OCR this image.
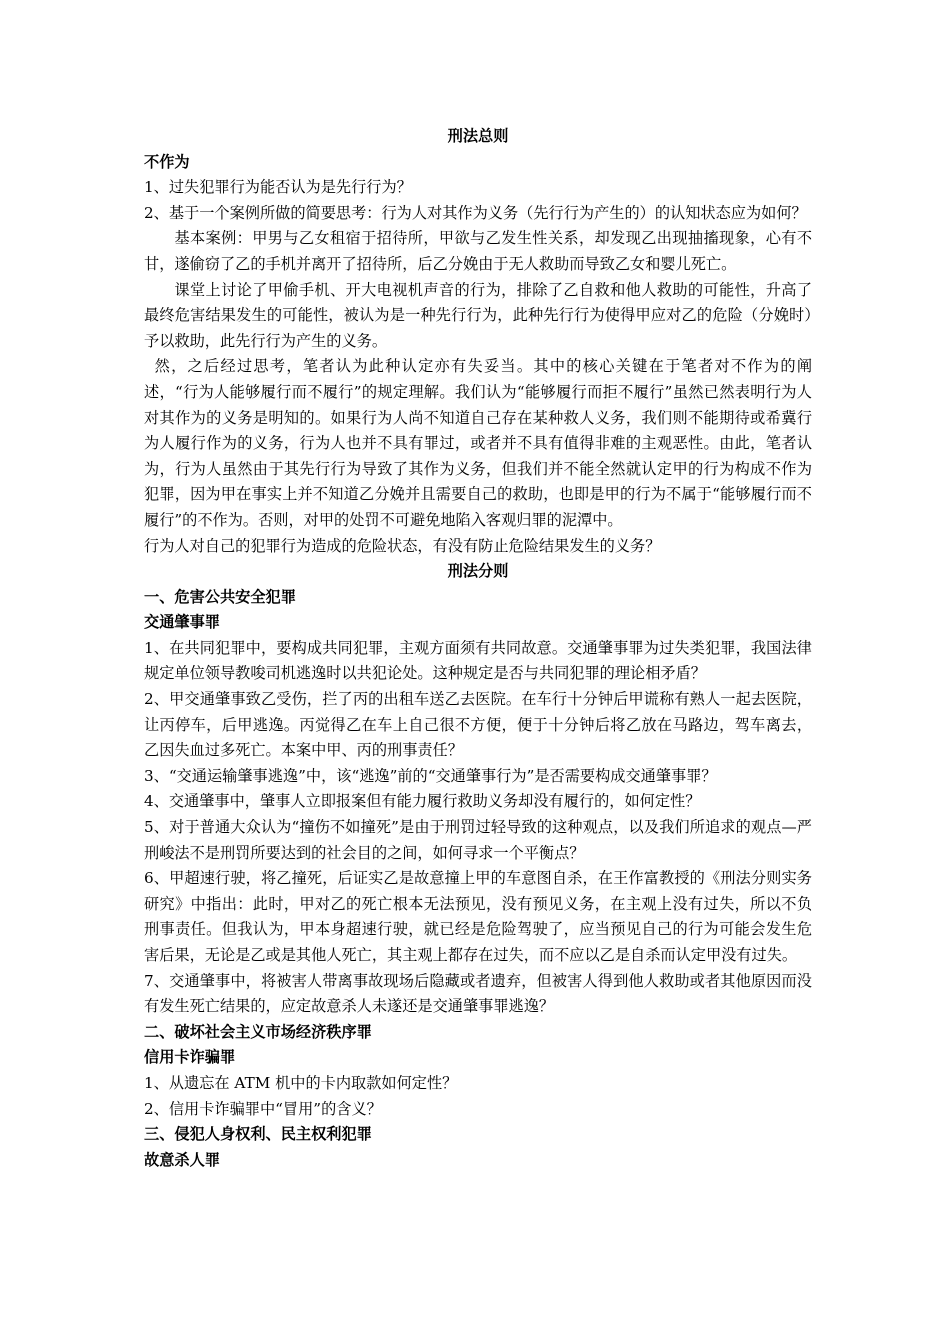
刑法总则

不作为

1、过失犯罪行为能否认为是先行行为？

2、基于一个案例所做的简要思考：行为人对其作为义务（先行行为产生的）的认知状态应为如何？

基本案例：甲男与乙女租宿于招待所，甲欲与乙发生性关系，却发现乙出现抽搐现象，心有不甘，遂偷窃了乙的手机并离开了招待所，后乙分娩由于无人救助而导致乙女和婴儿死亡。

课堂上讨论了甲偷手机、开大电视机声音的行为，排除了乙自救和他人救助的可能性，升高了最终危害结果发生的可能性，被认为是一种先行行为，此种先行行为使得甲应对乙的危险（分娩时）予以救助，此先行行为产生的义务。

然，之后经过思考，笔者认为此种认定亦有失妥当。其中的核心关键在于笔者对不作为的阐述，“行为人能够履行而不履行”的规定理解。我们认为“能够履行而拒不履行”虽然已然表明行为人对其作为的义务是明知的。如果行为人尚不知道自己存在某种救人义务，我们则不能期待或希冀行为人履行作为的义务，行为人也并不具有罪过，或者并不具有值得非难的主观恶性。由此，笔者认为，行为人虽然由于其先行行为导致了其作为义务，但我们并不能全然就认定甲的行为构成不作为犯罪，因为甲在事实上并不知道乙分娩并且需要自己的救助，也即是甲的行为不属于“能够履行而不履行”的不作为。否则，对甲的处罚不可避免地陷入客观归罪的泥潭中。

行为人对自己的犯罪行为造成的危险状态，有没有防止危险结果发生的义务？

刑法分则

一、危害公共安全犯罪

交通肇事罪

1、在共同犯罪中，要构成共同犯罪，主观方面须有共同故意。交通肇事罪为过失类犯罪，我国法律规定单位领导教唆司机逃逸时以共犯论处。这种规定是否与共同犯罪的理论相矛盾？

2、甲交通肇事致乙受伤，拦了丙的出租车送乙去医院。在车行十分钟后甲谎称有熟人一起去医院，让丙停车，后甲逃逸。丙觉得乙在车上自己很不方便，便于十分钟后将乙放在马路边，驾车离去，乙因失血过多死亡。本案中甲、丙的刑事责任？

3、“交通运输肇事逃逸”中，该“逃逸”前的“交通肇事行为”是否需要构成交通肇事罪？

4、交通肇事中，肇事人立即报案但有能力履行救助义务却没有履行的，如何定性？

5、对于普通大众认为“撞伤不如撞死”是由于刑罚过轻导致的这种观点，以及我们所追求的观点—严刑峻法不是刑罚所要达到的社会目的之间，如何寻求一个平衡点？

6、甲超速行驶，将乙撞死，后证实乙是故意撞上甲的车意图自杀，在王作富教授的《刑法分则实务研究》中指出：此时，甲对乙的死亡根本无法预见，没有预见义务，在主观上没有过失，所以不负刑事责任。但我认为，甲本身超速行驶，就已经是危险驾驶了，应当预见自己的行为可能会发生危害后果，无论是乙或是其他人死亡，其主观上都存在过失，而不应以乙是自杀而认定甲没有过失。

7、交通肇事中，将被害人带离事故现场后隐藏或者遗弃，但被害人得到他人救助或者其他原因而没有发生死亡结果的，应定故意杀人未遂还是交通肇事罪逃逸？

二、破坏社会主义市场经济秩序罪

信用卡诈骗罪

1、从遗忘在 ATM 机中的卡内取款如何定性？

2、信用卡诈骗罪中“冒用”的含义？

三、侵犯人身权利、民主权利犯罪

故意杀人罪
